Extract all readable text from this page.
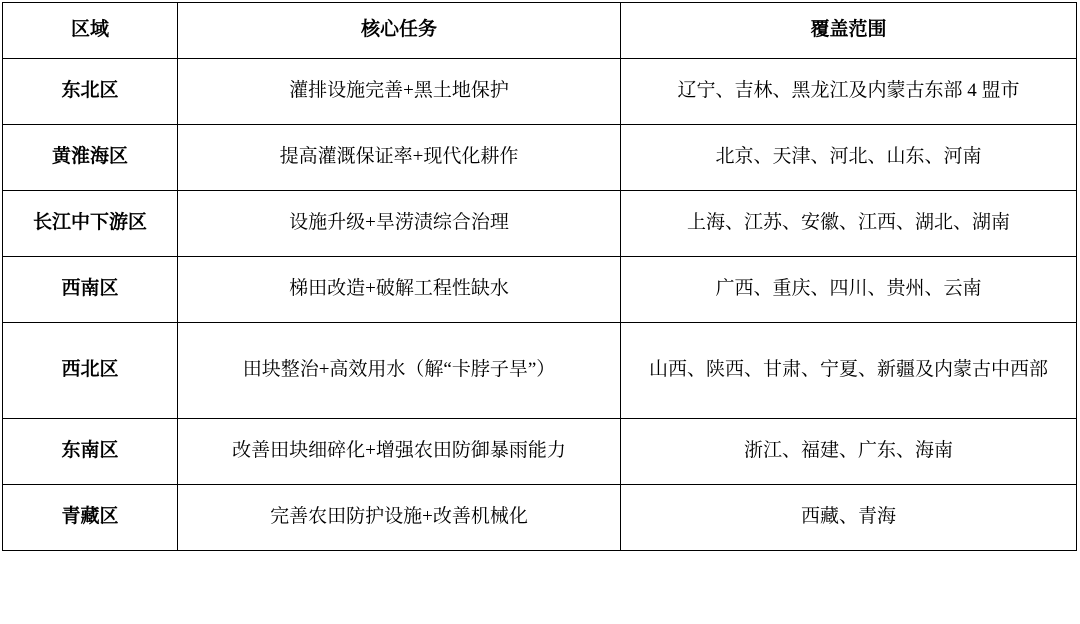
区域	核心任务	覆盖范围
东北区	灌排设施完善+黑土地保护	辽宁、吉林、黑龙江及内蒙古东部 4 盟市
黄淮海区	提高灌溉保证率+现代化耕作	北京、天津、河北、山东、河南
长江中下游区	设施升级+旱涝渍综合治理	上海、江苏、安徽、江西、湖北、湖南
西南区	梯田改造+破解工程性缺水	广西、重庆、四川、贵州、云南
西北区	田块整治+高效用水（解“卡脖子旱”）	山西、陕西、甘肃、宁夏、新疆及内蒙古中西部

东南区	改善田块细碎化+增强农田防御暴雨能力	浙江、福建、广东、海南
青藏区	完善农田防护设施+改善机械化	西藏、青海
